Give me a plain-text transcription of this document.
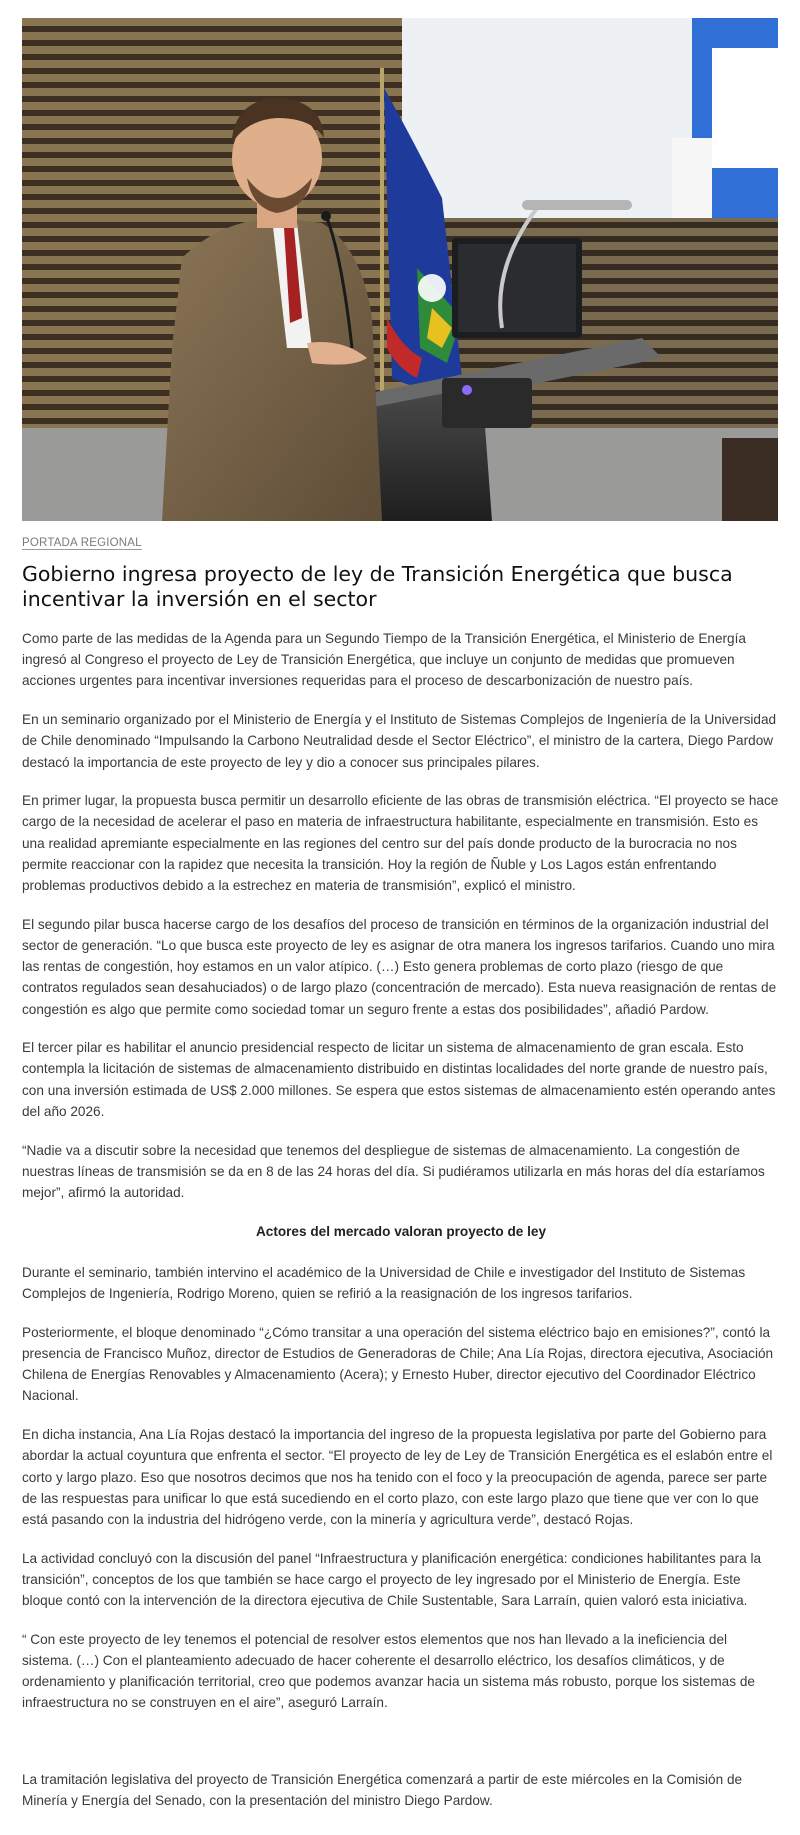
PORTADA REGIONAL
Gobierno ingresa proyecto de ley de Transición Energética que busca incentivar la inversión en el sector

Como parte de las medidas de la Agenda para un Segundo Tiempo de la Transición Energética, el Ministerio de Energía ingresó al Congreso el proyecto de Ley de Transición Energética, que incluye un conjunto de medidas que promueven acciones urgentes para incentivar inversiones requeridas para el proceso de descarbonización de nuestro país.

En un seminario organizado por el Ministerio de Energía y el Instituto de Sistemas Complejos de Ingeniería de la Universidad de Chile denominado “Impulsando la Carbono Neutralidad desde el Sector Eléctrico”, el ministro de la cartera, Diego Pardow destacó la importancia de este proyecto de ley y dio a conocer sus principales pilares.

En primer lugar, la propuesta busca permitir un desarrollo eficiente de las obras de transmisión eléctrica. “El proyecto se hace cargo de la necesidad de acelerar el paso en materia de infraestructura habilitante, especialmente en transmisión. Esto es una realidad apremiante especialmente en las regiones del centro sur del país donde producto de la burocracia no nos permite reaccionar con la rapidez que necesita la transición. Hoy la región de Ñuble y Los Lagos están enfrentando problemas productivos debido a la estrechez en materia de transmisión”, explicó el ministro.

El segundo pilar busca hacerse cargo de los desafíos del proceso de transición en términos de la organización industrial del sector de generación. “Lo que busca este proyecto de ley es asignar de otra manera los ingresos tarifarios. Cuando uno mira las rentas de congestión, hoy estamos en un valor atípico. (…) Esto genera problemas de corto plazo (riesgo de que contratos regulados sean desahuciados) o de largo plazo (concentración de mercado). Esta nueva reasignación de rentas de congestión es algo que permite como sociedad tomar un seguro frente a estas dos posibilidades”, añadió Pardow.

El tercer pilar es habilitar el anuncio presidencial respecto de licitar un sistema de almacenamiento de gran escala. Esto contempla la licitación de sistemas de almacenamiento distribuido en distintas localidades del norte grande de nuestro país, con una inversión estimada de US$ 2.000 millones. Se espera que estos sistemas de almacenamiento estén operando antes del año 2026.

“Nadie va a discutir sobre la necesidad que tenemos del despliegue de sistemas de almacenamiento. La congestión de nuestras líneas de transmisión se da en 8 de las 24 horas del día. Si pudiéramos utilizarla en más horas del día estaríamos mejor”, afirmó la autoridad.

Actores del mercado valoran proyecto de ley

Durante el seminario, también intervino el académico de la Universidad de Chile e investigador del Instituto de Sistemas Complejos de Ingeniería, Rodrigo Moreno, quien se refirió a la reasignación de los ingresos tarifarios.

Posteriormente, el bloque denominado “¿Cómo transitar a una operación del sistema eléctrico bajo en emisiones?”, contó la presencia de Francisco Muñoz, director de Estudios de Generadoras de Chile; Ana Lía Rojas, directora ejecutiva, Asociación Chilena de Energías Renovables y Almacenamiento (Acera); y Ernesto Huber, director ejecutivo del Coordinador Eléctrico Nacional.

En dicha instancia, Ana Lía Rojas destacó la importancia del ingreso de la propuesta legislativa por parte del Gobierno para abordar la actual coyuntura que enfrenta el sector. “El proyecto de ley de Ley de Transición Energética es el eslabón entre el corto y largo plazo. Eso que nosotros decimos que nos ha tenido con el foco y la preocupación de agenda, parece ser parte de las respuestas para unificar lo que está sucediendo en el corto plazo, con este largo plazo que tiene que ver con lo que está pasando con la industria del hidrógeno verde, con la minería y agricultura verde”, destacó Rojas.

La actividad concluyó con la discusión del panel “Infraestructura y planificación energética: condiciones habilitantes para la transición”, conceptos de los que también se hace cargo el proyecto de ley ingresado por el Ministerio de Energía. Este bloque contó con la intervención de la directora ejecutiva de Chile Sustentable, Sara Larraín, quien valoró esta iniciativa.

“ Con este proyecto de ley tenemos el potencial de resolver estos elementos que nos han llevado a la ineficiencia del sistema. (…) Con el planteamiento adecuado de hacer coherente el desarrollo eléctrico, los desafíos climáticos, y de ordenamiento y planificación territorial, creo que podemos avanzar hacia un sistema más robusto, porque los sistemas de infraestructura no se construyen en el aire”, aseguró Larraín.

La tramitación legislativa del proyecto de Transición Energética comenzará a partir de este miércoles en la Comisión de Minería y Energía del Senado, con la presentación del ministro Diego Pardow.
